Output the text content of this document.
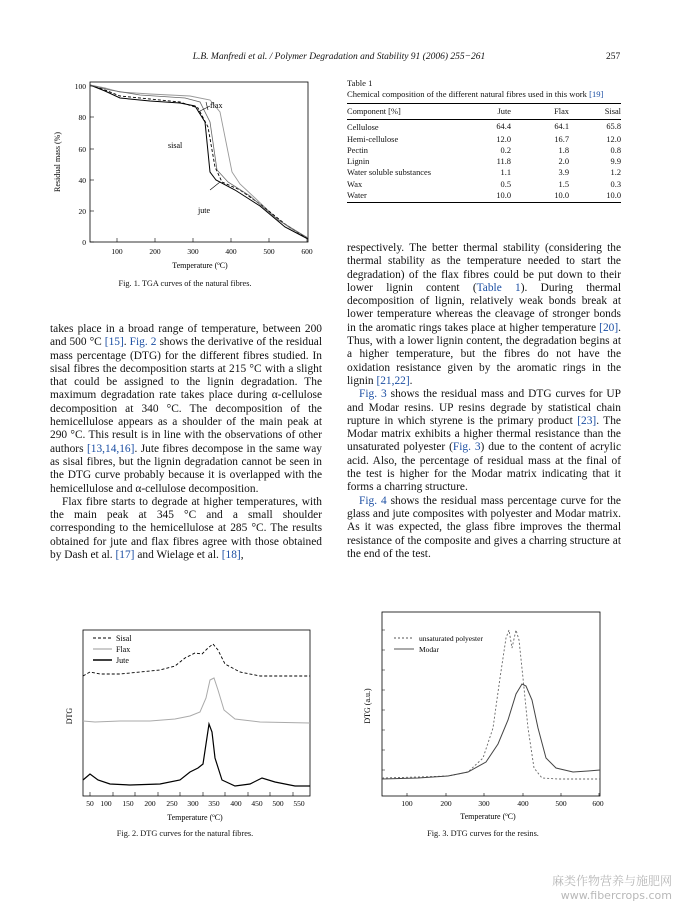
L.B. Manfredi et al. / Polymer Degradation and Stability 91 (2006) 255−261	257
100
80
60
40
20
0
100	200	300	400	500	600
flax
sisal
jute
Temperature (ºC)
Residual mass (%)
Fig. 1. TGA curves of the natural fibres.
Table 1
Chemical composition of the different natural fibres used in this work [19]
Component [%]	Jute	Flax	Sisal
Cellulose	64.4	64.1	65.8
Hemi-cellulose	12.0	16.7	12.0
Pectin	0.2	1.8	0.8
Lignin	11.8	2.0	9.9
Water soluble substances	1.1	3.9	1.2
Wax	0.5	1.5	0.3
Water	10.0	10.0	10.0

takes place in a broad range of temperature, between 200 and 500 °C [15]. Fig. 2 shows the derivative of the residual mass percentage (DTG) for the different fibres studied. In sisal fibres the decomposition starts at 215 °C with a slight that could be assigned to the lignin degradation. The maximum degradation rate takes place during α-cellulose decomposition at 340 °C. The decomposition of the hemicellulose appears as a shoulder of the main peak at 290 °C. This result is in line with the observations of other authors [13,14,16]. Jute fibres decompose in the same way as sisal fibres, but the lignin degradation cannot be seen in the DTG curve probably because it is overlapped with the hemicellulose and α-cellulose decomposition.

Flax fibre starts to degrade at higher temperatures, with the main peak at 345 °C and a small shoulder corresponding to the hemicellulose at 285 °C. The results obtained for jute and flax fibres agree with those obtained by Dash et al. [17] and Wielage et al. [18],

respectively. The better thermal stability (considering the thermal stability as the temperature needed to start the degradation) of the flax fibres could be put down to their lower lignin content (Table 1). During thermal decomposition of lignin, relatively weak bonds break at lower temperature whereas the cleavage of stronger bonds in the aromatic rings takes place at higher temperature [20]. Thus, with a lower lignin content, the degradation begins at a higher temperature, but the fibres do not have the oxidation resistance given by the aromatic rings in the lignin [21,22].

Fig. 3 shows the residual mass and DTG curves for UP and Modar resins. UP resins degrade by statistical chain rupture in which styrene is the primary product [23]. The Modar matrix exhibits a higher thermal resistance than the unsaturated polyester (Fig. 3) due to the content of acrylic acid. Also, the percentage of residual mass at the final of the test is higher for the Modar matrix indicating that it forms a charring structure.

Fig. 4 shows the residual mass percentage curve for the glass and jute composites with polyester and Modar matrix. As it was expected, the glass fibre improves the thermal resistance of the composite and gives a charring structure at the end of the test.

Sisal
Flax
Jute
50 100 150 200 250 300 350 400 450 500 550
Temperature (ºC)
DTG
Fig. 2. DTG curves for the natural fibres.
unsaturated polyester
Modar
100	200	300	400	500	600
Temperature (ºC)
DTG (a.u.)
Fig. 3. DTG curves for the resins.
麻类作物营养与施肥网
www.fibercrops.com
